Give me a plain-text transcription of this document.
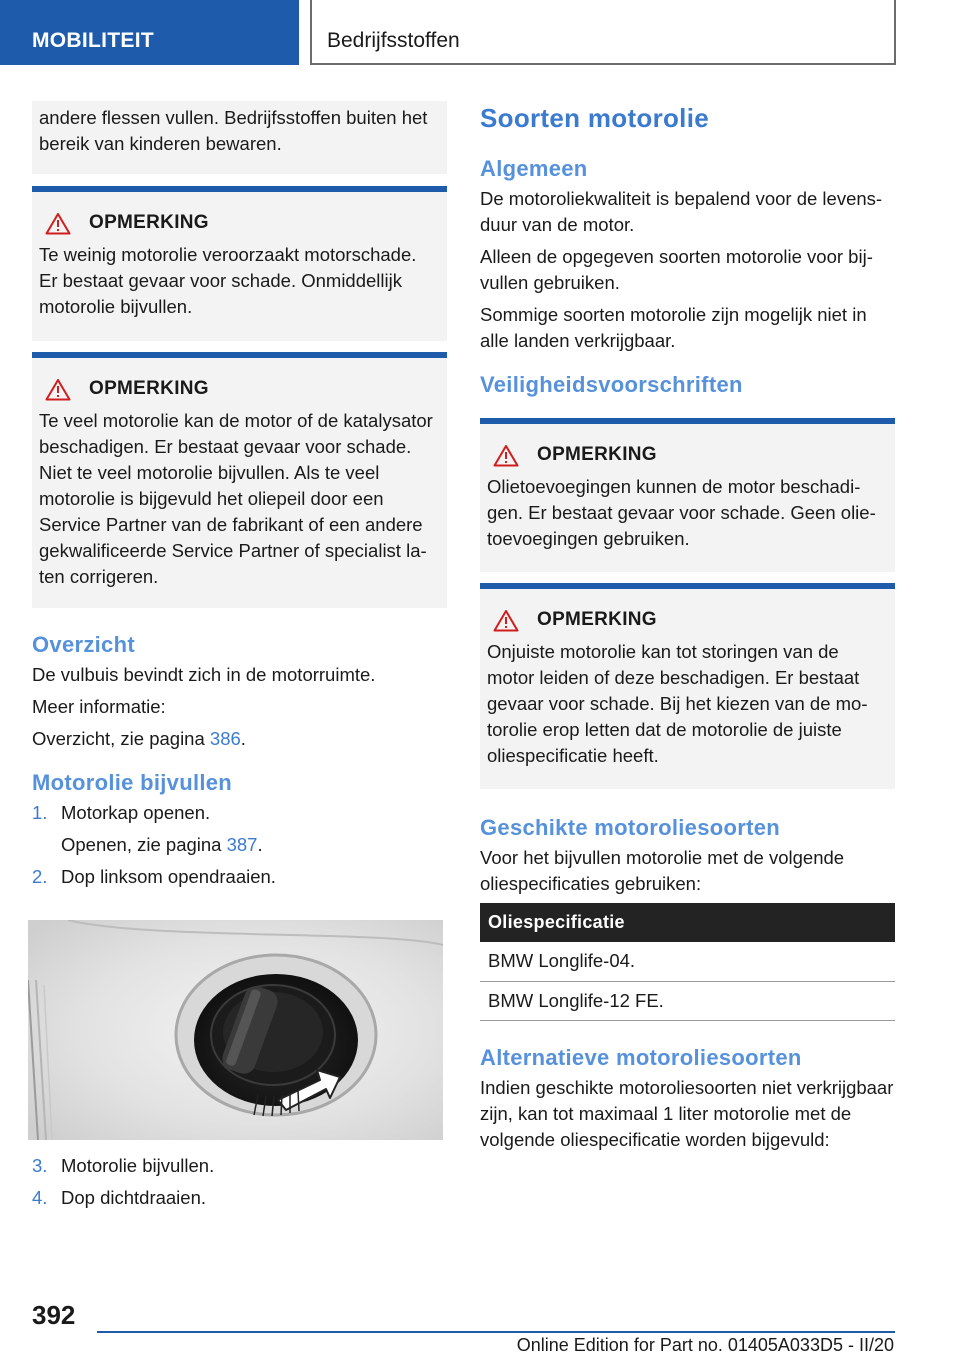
MOBILITEIT	Bedrijfsstoffen

andere flessen vullen. Bedrijfsstoffen buiten het bereik van kinderen bewaren.

OPMERKING

Te weinig motorolie veroorzaakt motorschade. Er bestaat gevaar voor schade. Onmiddellijk motorolie bijvullen.

OPMERKING

Te veel motorolie kan de motor of de katalysator beschadigen. Er bestaat gevaar voor schade. Niet te veel motorolie bijvullen. Als te veel motorolie is bijgevuld het oliepeil door een Service Partner van de fabrikant of een andere gekwalificeerde Service Partner of specialist laten corrigeren.

Overzicht

De vulbuis bevindt zich in de motorruimte.

Meer informatie:

Overzicht, zie pagina 386.

Motorolie bijvullen
1. Motorkap openen.
Openen, zie pagina 387.
2. Dop linksom opendraaien.
3. Motorolie bijvullen.
4. Dop dichtdraaien.
Soorten motorolie
Algemeen

De motoroliekwaliteit is bepalend voor de levensduur van de motor.

Alleen de opgegeven soorten motorolie voor bijvullen gebruiken.

Sommige soorten motorolie zijn mogelijk niet in alle landen verkrijgbaar.

Veiligheidsvoorschriften
OPMERKING

Olietoevoegingen kunnen de motor beschadigen. Er bestaat gevaar voor schade. Geen olietoevoegingen gebruiken.

OPMERKING

Onjuiste motorolie kan tot storingen van de motor leiden of deze beschadigen. Er bestaat gevaar voor schade. Bij het kiezen van de motorolie erop letten dat de motorolie de juiste oliespecificatie heeft.

Geschikte motoroliesoorten

Voor het bijvullen motorolie met de volgende oliespecificaties gebruiken:

Oliespecificatie
BMW Longlife-04.
BMW Longlife-12 FE.
Alternatieve motoroliesoorten

Indien geschikte motoroliesoorten niet verkrijgbaar zijn, kan tot maximaal 1 liter motorolie met de volgende oliespecificatie worden bijgevuld:

392
Online Edition for Part no. 01405A033D5 - II/20
